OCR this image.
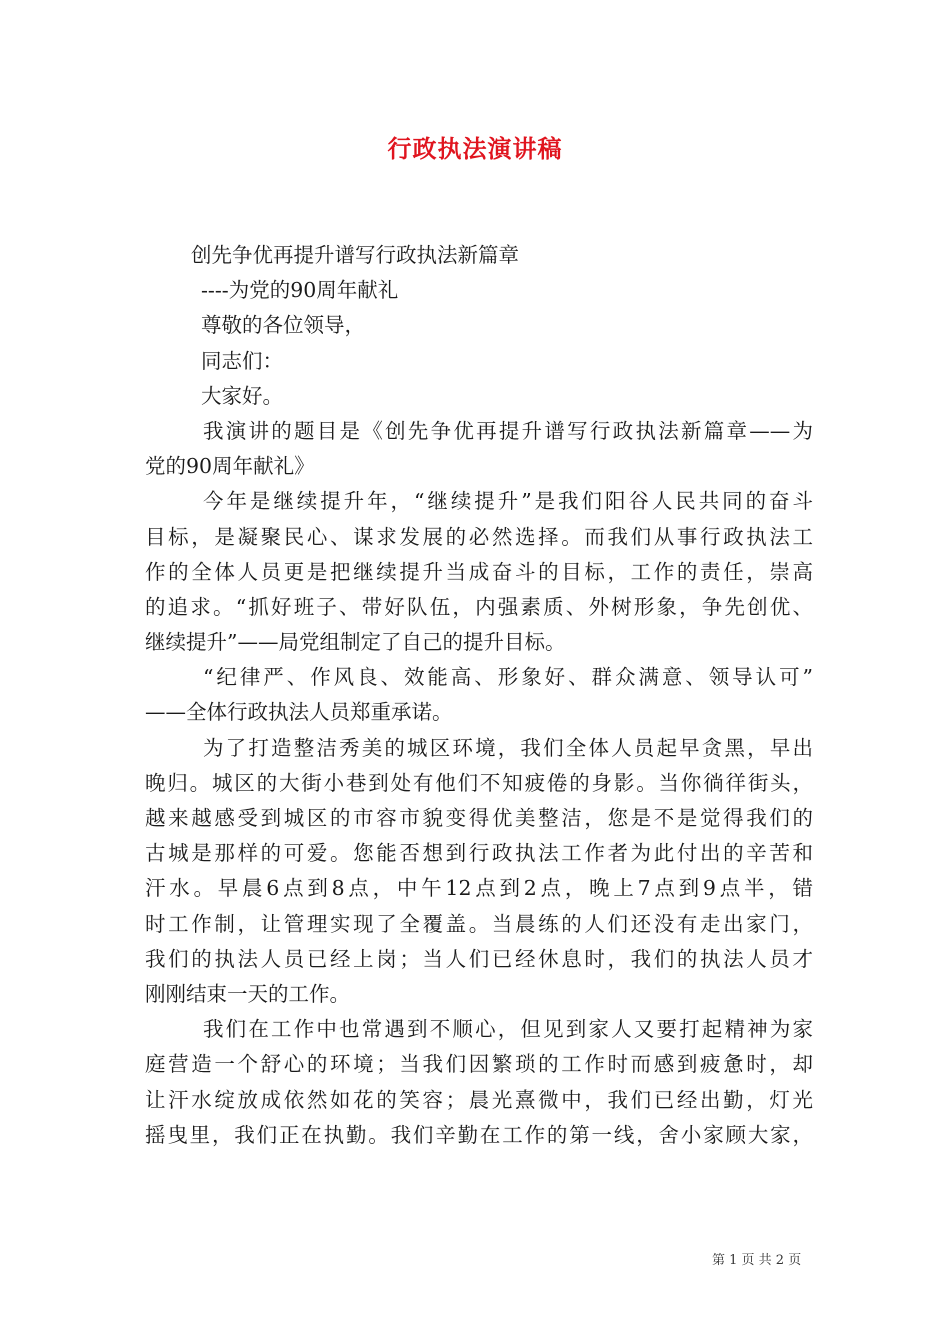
行政执法演讲稿
创先争优再提升谱写行政执法新篇章
----为党的90周年献礼
尊敬的各位领导，
同志们：
大家好。
我演讲的题目是《创先争优再提升谱写行政执法新篇章——为
党的90周年献礼》
今年是继续提升年，“继续提升”是我们阳谷人民共同的奋斗
目标，是凝聚民心、谋求发展的必然选择。而我们从事行政执法工
作的全体人员更是把继续提升当成奋斗的目标，工作的责任，崇高
的追求。“抓好班子、带好队伍，内强素质、外树形象，争先创优、
继续提升”——局党组制定了自己的提升目标。
“纪律严、作风良、效能高、形象好、群众满意、领导认可”
——全体行政执法人员郑重承诺。
为了打造整洁秀美的城区环境，我们全体人员起早贪黑，早出
晚归。城区的大街小巷到处有他们不知疲倦的身影。当你徜徉街头，
越来越感受到城区的市容市貌变得优美整洁，您是不是觉得我们的
古城是那样的可爱。您能否想到行政执法工作者为此付出的辛苦和
汗水。早晨6点到8点，中午12点到2点，晚上7点到9点半，错
时工作制，让管理实现了全覆盖。当晨练的人们还没有走出家门，
我们的执法人员已经上岗；当人们已经休息时，我们的执法人员才
刚刚结束一天的工作。
我们在工作中也常遇到不顺心，但见到家人又要打起精神为家
庭营造一个舒心的环境；当我们因繁琐的工作时而感到疲惫时，却
让汗水绽放成依然如花的笑容；晨光熹微中，我们已经出勤，灯光
摇曳里，我们正在执勤。我们辛勤在工作的第一线，舍小家顾大家，
第 1 页 共 2 页
